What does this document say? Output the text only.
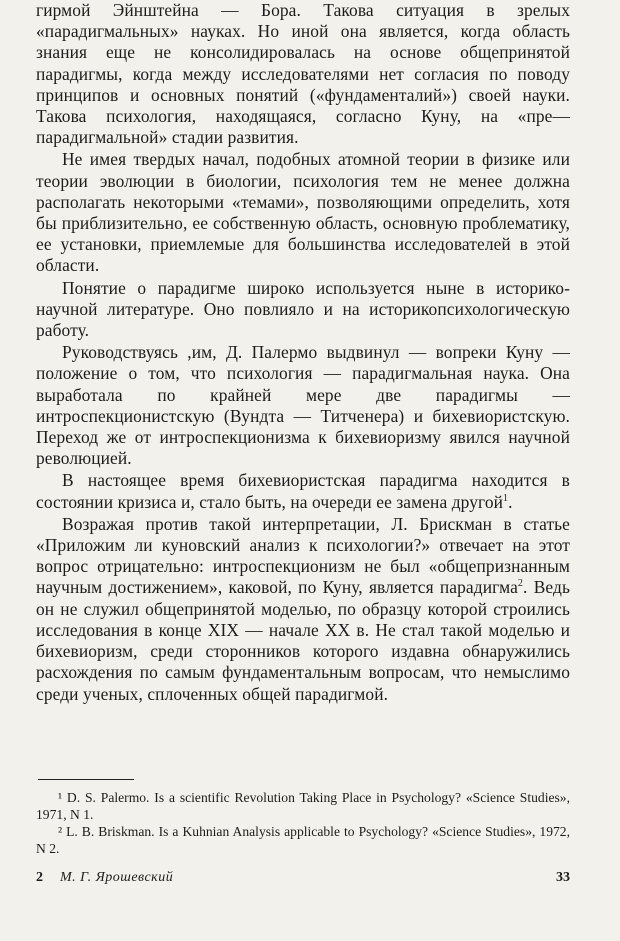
гирмой Эйнштейна — Бора. Такова ситуация в зрелых «парадигмальных» науках. Но иной она является, когда область знания еще не консолидировалась на основе общепринятой парадигмы, когда между исследователями нет согласия по поводу принципов и основных понятий («фундаменталий») своей науки. Такова психология, находящаяся, согласно Куну, на «пре—парадигмальной» стадии развития.

Не имея твердых начал, подобных атомной теории в физике или теории эволюции в биологии, психология тем не менее должна располагать некоторыми «темами», позволяющими определить, хотя бы приблизительно, ее собственную область, основную проблематику, ее установки, приемлемые для большинства исследователей в этой области.

Понятие о парадигме широко используется ныне в историко-научной литературе. Оно повлияло и на историкопсихологическую работу.

Руководствуясь ,им, Д. Палермо выдвинул — вопреки Куну — положение о том, что психология — парадигмальная наука. Она выработала по крайней мере две парадигмы — интроспекционистскую (Вундта — Титченера) и бихевиористскую. Переход же от интроспекционизма к бихевиоризму явился научной революцией.

В настоящее время бихевиористская парадигма находится в состоянии кризиса и, стало быть, на очереди ее замена другой$^1$.

Возражая против такой интерпретации, Л. Брискман в статье «Приложим ли куновский анализ к психологии?» отвечает на этот вопрос отрицательно: интроспекционизм не был «общепризнанным научным достижением», каковой, по Куну, является парадигма$^2$. Ведь он не служил общепринятой моделью, по образцу которой строились исследования в конце XIX — начале XX в. Не стал такой моделью и бихевиоризм, среди сторонников которого издавна обнаружились расхождения по самым фундаментальным вопросам, что немыслимо среди ученых, сплоченных общей парадигмой.

¹ D. S. Palermo. Is a scientific Revolution Taking Place in Psychology? «Science Studies», 1971, N 1.

² L. B. Briskman. Is a Kuhnian Analysis applicable to Psychology? «Science Studies», 1972, N 2.

2 М. Г. Ярошевский	33
